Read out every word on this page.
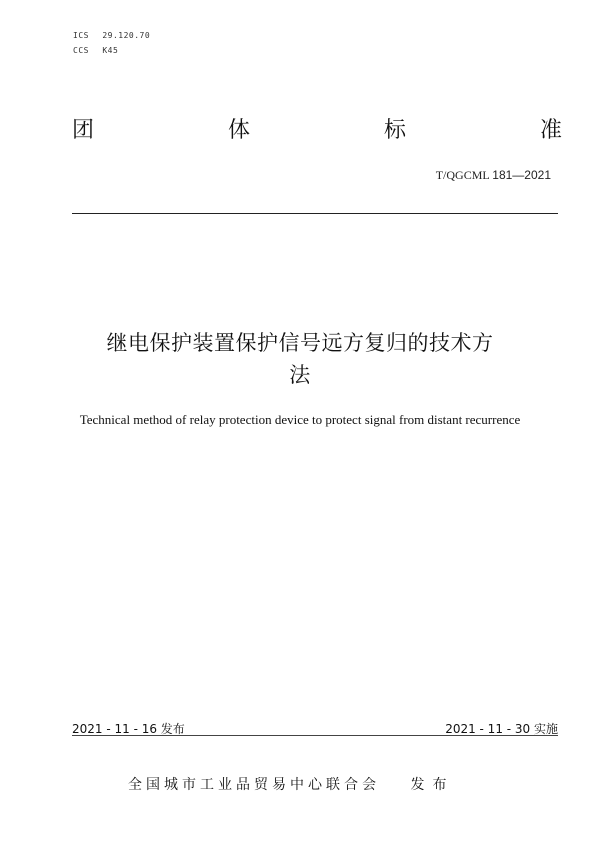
ICS 29.120.70
CCS K45
团	体	标	准
T/QGCML 181—2021
继电保护装置保护信号远方复归的技术方
法
Technical method of relay protection device to protect signal from distant recurrence
2021 - 11 - 16 发布	2021 - 11 - 30 实施
全国城市工业品贸易中心联合会 发布
